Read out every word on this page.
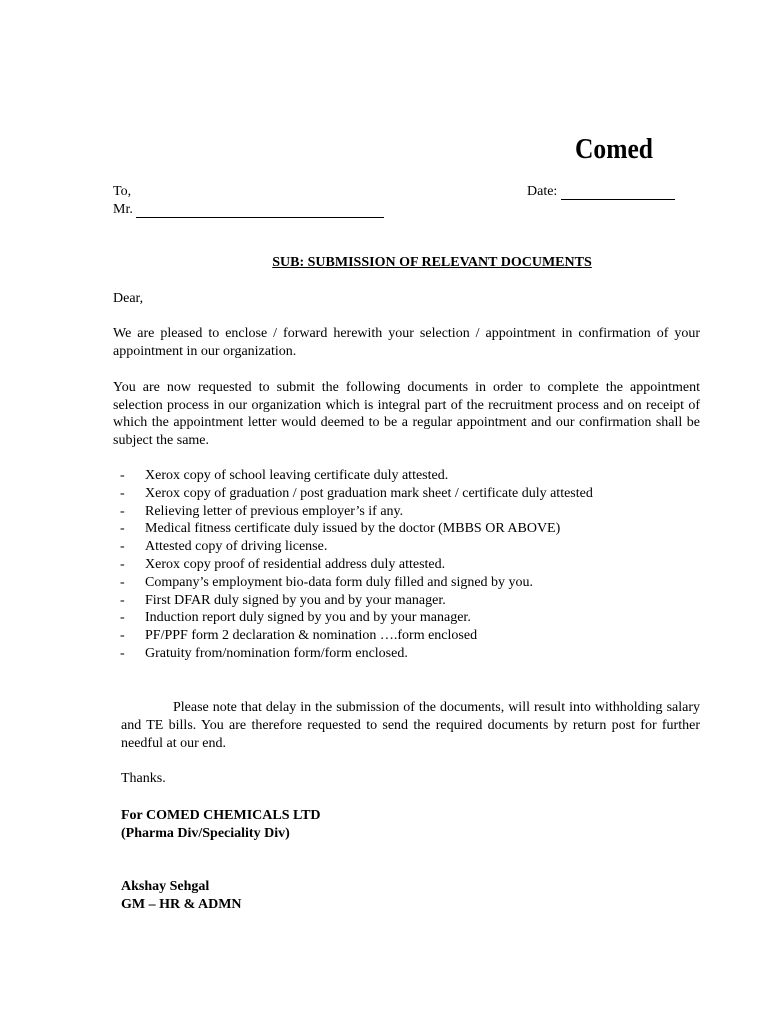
Comed
To,
Mr.
Date:
SUB: SUBMISSION OF RELEVANT DOCUMENTS
Dear,
We are pleased to enclose / forward herewith your selection / appointment in confirmation of your appointment in our organization.
You are now requested to submit the following documents in order to complete the appointment selection process in our organization which is integral part of the recruitment process and on receipt of which the appointment letter would deemed to be a regular appointment and our confirmation shall be subject the same.
- Xerox copy of school leaving certificate duly attested.
- Xerox copy of graduation / post graduation mark sheet / certificate duly attested
- Relieving letter of previous employer’s if any.
- Medical fitness certificate duly issued by the doctor (MBBS OR ABOVE)
- Attested copy of driving license.
- Xerox copy proof of residential address duly attested.
- Company’s employment bio-data form duly filled and signed by you.
- First DFAR duly signed by you and by your manager.
- Induction report duly signed by you and by your manager.
- PF/PPF form 2 declaration & nomination ….form enclosed
- Gratuity from/nomination form/form enclosed.
Please note that delay in the submission of the documents, will result into withholding salary and TE bills. You are therefore requested to send the required documents by return post for further needful at our end.
Thanks.
For COMED CHEMICALS LTD
(Pharma Div/Speciality Div)
Akshay Sehgal
GM – HR & ADMN
